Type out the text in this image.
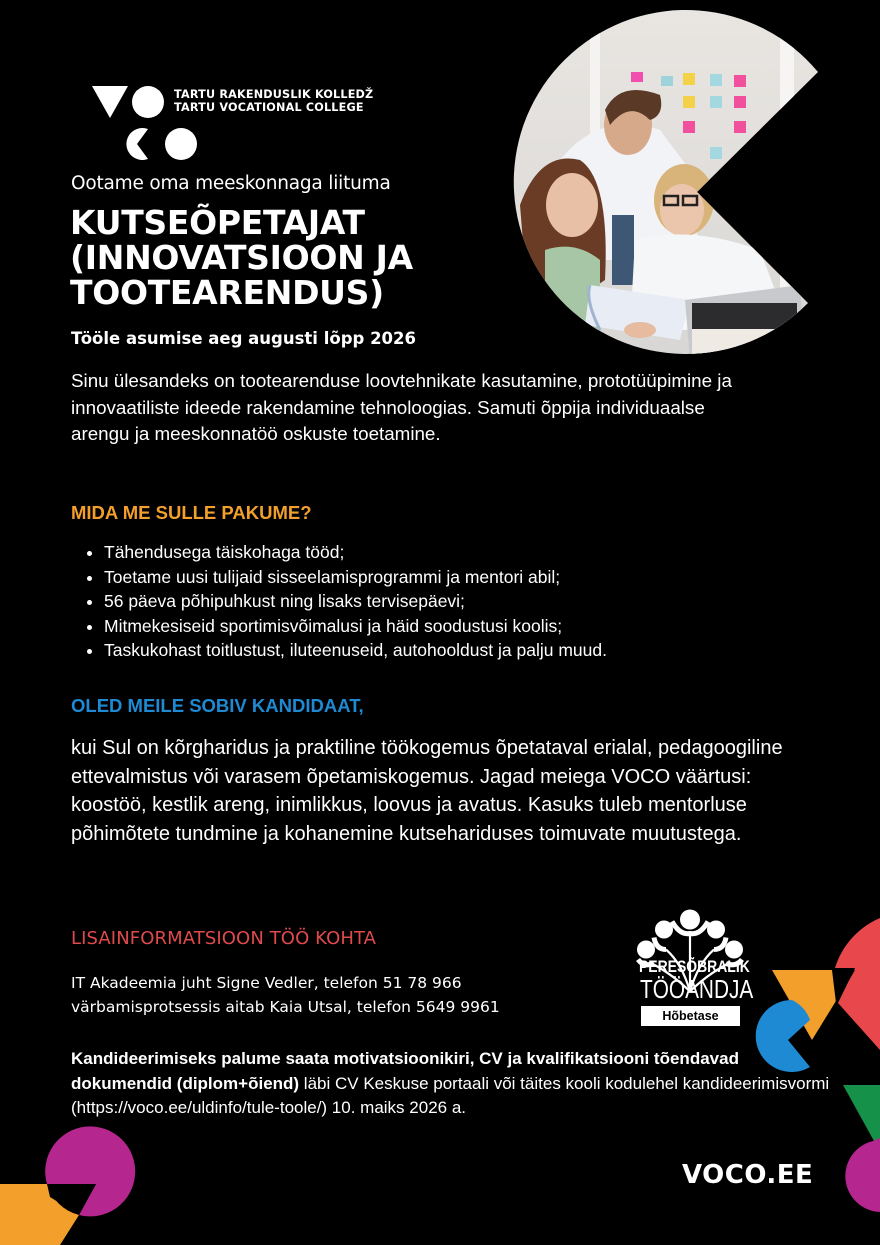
TARTU RAKENDUSLIK KOLLEDŽ
TARTU VOCATIONAL COLLEGE
Ootame oma meeskonnaga liituma
KUTSEÕPETAJAT
(INNOVATSIOON JA
TOOTEARENDUS)
Tööle asumise aeg augusti lõpp 2026
Sinu ülesandeks on tootearenduse loovtehnikate kasutamine, prototüüpimine ja innovaatiliste ideede rakendamine tehnoloogias. Samuti õppija individuaalse arengu ja meeskonnatöö oskuste toetamine.
MIDA ME SULLE PAKUME?
• Tähendusega täiskohaga tööd;
• Toetame uusi tulijaid sisseelamisprogrammi ja mentori abil;
• 56 päeva põhipuhkust ning lisaks tervisepäevi;
• Mitmekesiseid sportimisvõimalusi ja häid soodustusi koolis;
• Taskukohast toitlustust, iluteenuseid, autohooldust ja palju muud.
OLED MEILE SOBIV KANDIDAAT,
kui Sul on kõrgharidus ja praktiline töökogemus õpetataval erialal, pedagoogiline ettevalmistus või varasem õpetamiskogemus. Jagad meiega VOCO väärtusi: koostöö, kestlik areng, inimlikkus, loovus ja avatus. Kasuks tuleb mentorluse põhimõtete tundmine ja kohanemine kutsehariduses toimuvate muutustega.
LISAINFORMATSIOON TÖÖ KOHTA
IT Akadeemia juht Signe Vedler, telefon 51 78 966
värbamisprotsessis aitab Kaia Utsal, telefon 5649 9961
PERESÕBRALIK
TÖÖANDJA
Hõbetase
Kandideerimiseks palume saata motivatsioonikiri, CV ja kvalifikatsiooni tõendavad dokumendid (diplom+õiend) läbi CV Keskuse portaali või täites kooli kodulehel kandideerimisvormi (https://voco.ee/uldinfo/tule-toole/) 10. maiks 2026 a.
VOCO.EE
